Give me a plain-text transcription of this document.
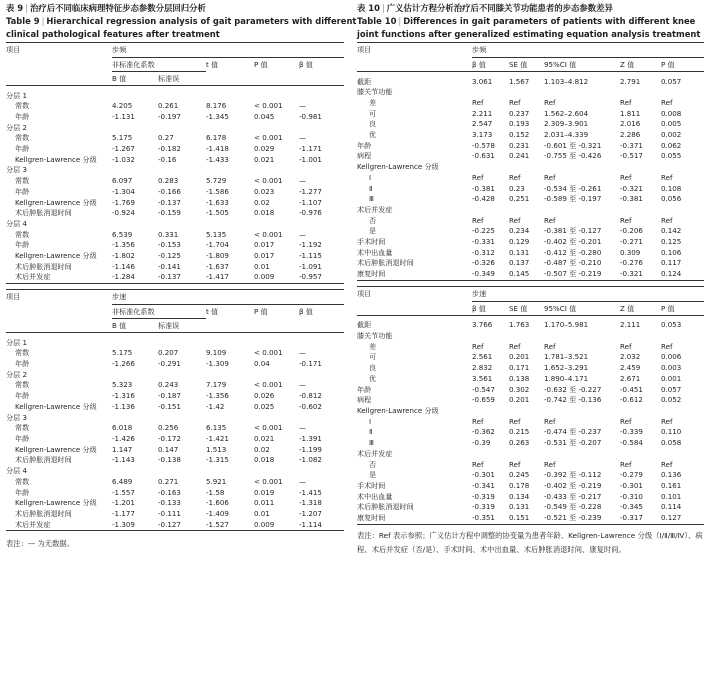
表 9 | 治疗后不同临床病理特征步态参数分层回归分析
Table 9 | Hierarchical regression analysis of gait parameters with different
clinical pathological features after treatment
项目	步频				
	非标准化系数		t 值	P 值	β 值
	B 值	标准误			

分层 1					
常数	4.205	0.261	8.176	< 0.001	—
年龄	-1.131	-0.197	-1.345	0.045	-0.981
分层 2					
常数	5.175	0.27	6.178	< 0.001	—
年龄	-1.267	-0.182	-1.418	0.029	-1.171
Kellgren-Lawrence 分级	-1.032	-0.16	-1.433	0.021	-1.001
分层 3					
常数	6.097	0.283	5.729	< 0.001	—
年龄	-1.304	-0.166	-1.586	0.023	-1.277
Kellgren-Lawrence 分级	-1.769	-0.137	-1.633	0.02	-1.107
术后肿胀消退时间	-0.924	-0.159	-1.505	0.018	-0.976
分层 4					
常数	6.539	0.331	5.135	< 0.001	—
年龄	-1.356	-0.153	-1.704	0.017	-1.192
Kellgren-Lawrence 分级	-1.802	-0.125	-1.809	0.017	-1.115
术后肿胀消退时间	-1.146	-0.141	-1.637	0.01	-1.091
术后并发症	-1.284	-0.137	-1.417	0.009	-0.957
项目	步速				
	非标准化系数		t 值	P 值	β 值
	B 值	标准误			

分层 1					
常数	5.175	0.207	9.109	< 0.001	—
年龄	-1.266	-0.291	-1.309	0.04	-0.171
分层 2					
常数	5.323	0.243	7.179	< 0.001	—
年龄	-1.316	-0.187	-1.356	0.026	-0.812
Kellgren-Lawrence 分级	-1.136	-0.151	-1.42	0.025	-0.602
分层 3					
常数	6.018	0.256	6.135	< 0.001	—
年龄	-1.426	-0.172	-1.421	0.021	-1.391
Kellgren-Lawrence 分级	1.147	0.147	1.513	0.02	-1.199
术后肿胀消退时间	-1.143	-0.138	-1.315	0.018	-1.082
分层 4					
常数	6.489	0.271	5.921	< 0.001	—
年龄	-1.557	-0.163	-1.58	0.019	-1.415
Kellgren-Lawrence 分级	-1.201	-0.133	-1.606	0.011	-1.318
术后肿胀消退时间	-1.177	-0.111	-1.409	0.01	-1.207
术后并发症	-1.309	-0.127	-1.527	0.009	-1.114
表注：— 为无数据。
表 10 | 广义估计方程分析治疗后不同膝关节功能患者的步态参数差异
Table 10 | Differences in gait parameters of patients with different knee
joint functions after generalized estimating equation analysis treatment
项目	步频				
	β 值	SE 值	95%CI 值	Z 值	P 值

截距	3.061	1.567	1.103–4.812	2.791	0.057
膝关节功能					
差	Ref	Ref	Ref	Ref	Ref
可	2.211	0.237	1.562–2.604	1.811	0.008
良	2.547	0.193	2.309–3.901	2.016	0.005
优	3.173	0.152	2.031–4.339	2.286	0.002
年龄	-0.578	0.231	-0.601 至 -0.321	-0.371	0.062
病程	-0.631	0.241	-0.755 至 -0.426	-0.517	0.055
Kellgren-Lawrence 分级					
Ⅰ	Ref	Ref	Ref	Ref	Ref
Ⅱ	-0.381	0.23	-0.534 至 -0.261	-0.321	0.108
Ⅲ	-0.428	0.251	-0.589 至 -0.197	-0.381	0.056
术后并发症					
否	Ref	Ref	Ref	Ref	Ref
是	-0.225	0.234	-0.381 至 -0.127	-0.206	0.142
手术时间	-0.331	0.129	-0.402 至 -0.201	-0.271	0.125
术中出血量	-0.312	0.131	-0.412 至 -0.280	0.309	0.106
术后肿胀消退时间	-0.326	0.137	-0.487 至 -0.210	-0.276	0.117
康复时间	-0.349	0.145	-0.507 至 -0.219	-0.321	0.124
项目	步速				
	β 值	SE 值	95%CI 值	Z 值	P 值

截距	3.766	1.763	1.170–5.981	2.111	0.053
膝关节功能					
差	Ref	Ref	Ref	Ref	Ref
可	2.561	0.201	1.781–3.521	2.032	0.006
良	2.832	0.171	1.652–3.291	2.459	0.003
优	3.561	0.138	1.890–4.171	2.671	0.001
年龄	-0.547	0.302	-0.632 至 -0.227	-0.451	0.057
病程	-0.659	0.201	-0.742 至 -0.136	-0.612	0.052
Kellgren-Lawrence 分级					
Ⅰ	Ref	Ref	Ref	Ref	Ref
Ⅱ	-0.362	0.215	-0.474 至 -0.237	-0.339	0.110
Ⅲ	-0.39	0.263	-0.531 至 -0.207	-0.584	0.058
术后并发症					
否	Ref	Ref	Ref	Ref	Ref
是	-0.301	0.245	-0.392 至 -0.112	-0.279	0.136
手术时间	-0.341	0.178	-0.402 至 -0.219	-0.301	0.161
术中出血量	-0.319	0.134	-0.433 至 -0.217	-0.310	0.101
术后肿胀消退时间	-0.319	0.131	-0.549 至 -0.228	-0.345	0.114
康复时间	-0.351	0.151	-0.521 至 -0.239	-0.317	0.127
表注：Ref 表示参照；广义估计方程中调整的协变量为患者年龄、Kellgren-Lawrence 分级（Ⅰ/Ⅱ/Ⅲ/Ⅳ）、病程、术后并发症（否/是）、手术时间、术中出血量、术后肿胀消退时间、康复时间。
